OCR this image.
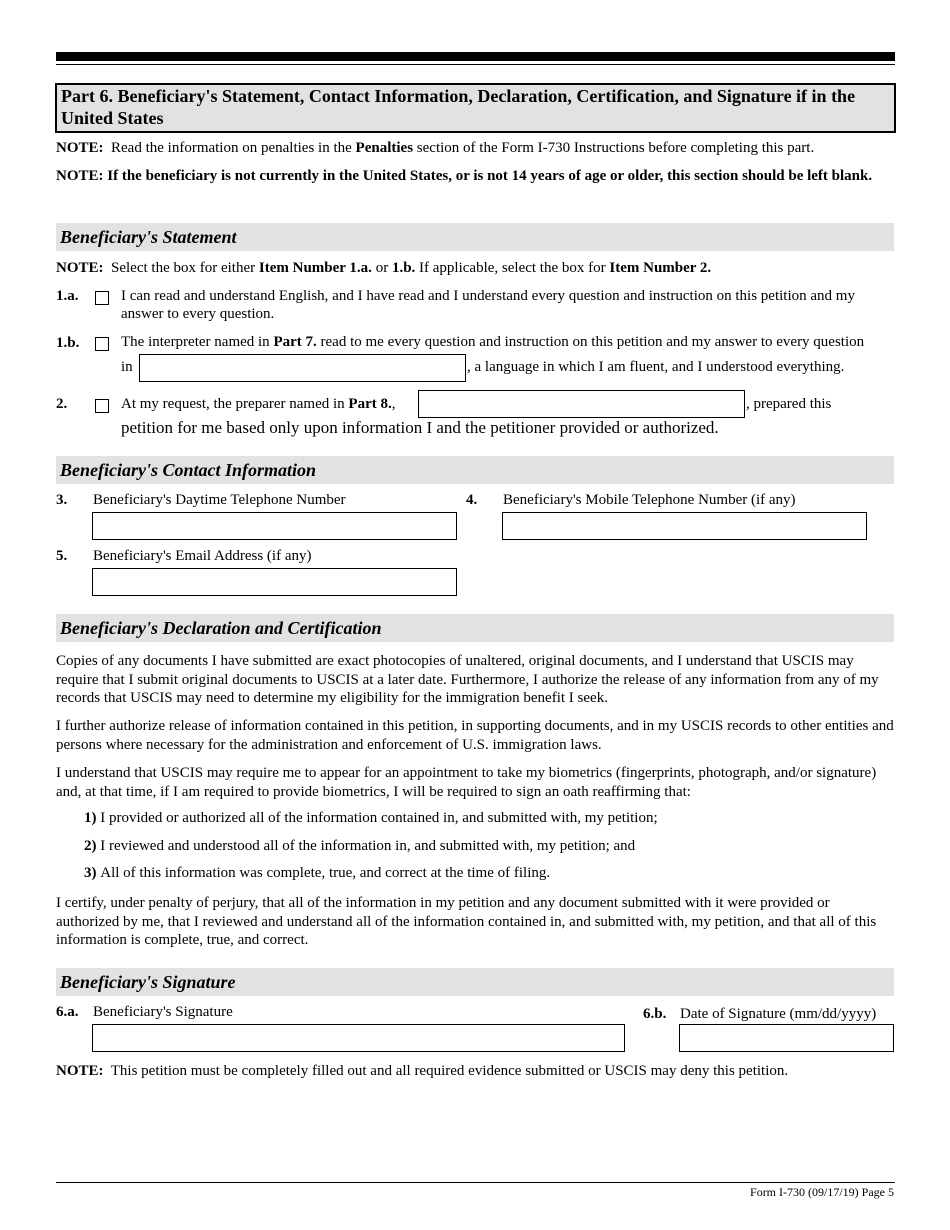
Part 6. Beneficiary's Statement, Contact Information, Declaration, Certification, and Signature if in the United States
NOTE: Read the information on penalties in the Penalties section of the Form I-730 Instructions before completing this part.
NOTE: If the beneficiary is not currently in the United States, or is not 14 years of age or older, this section should be left blank.
Beneficiary's Statement
NOTE: Select the box for either Item Number 1.a. or 1.b. If applicable, select the box for Item Number 2.
1.a.	I can read and understand English, and I have read and I understand every question and instruction on this petition and my answer to every question.
1.b.	The interpreter named in Part 7. read to me every question and instruction on this petition and my answer to every question
in	, a language in which I am fluent, and I understood everything.
2.	At my request, the preparer named in Part 8.,	, prepared this
petition for me based only upon information I and the petitioner provided or authorized.
Beneficiary's Contact Information
3. Beneficiary's Daytime Telephone Number	4. Beneficiary's Mobile Telephone Number (if any)
5. Beneficiary's Email Address (if any)
Beneficiary's Declaration and Certification
Copies of any documents I have submitted are exact photocopies of unaltered, original documents, and I understand that USCIS may require that I submit original documents to USCIS at a later date. Furthermore, I authorize the release of any information from any of my records that USCIS may need to determine my eligibility for the immigration benefit I seek.
I further authorize release of information contained in this petition, in supporting documents, and in my USCIS records to other entities and persons where necessary for the administration and enforcement of U.S. immigration laws.
I understand that USCIS may require me to appear for an appointment to take my biometrics (fingerprints, photograph, and/or signature) and, at that time, if I am required to provide biometrics, I will be required to sign an oath reaffirming that:
1) I provided or authorized all of the information contained in, and submitted with, my petition;
2) I reviewed and understood all of the information in, and submitted with, my petition; and
3) All of this information was complete, true, and correct at the time of filing.
I certify, under penalty of perjury, that all of the information in my petition and any document submitted with it were provided or authorized by me, that I reviewed and understand all of the information contained in, and submitted with, my petition, and that all of this information is complete, true, and correct.
Beneficiary's Signature
6.a. Beneficiary's Signature	6.b. Date of Signature (mm/dd/yyyy)
NOTE: This petition must be completely filled out and all required evidence submitted or USCIS may deny this petition.
Form I-730 (09/17/19) Page 5
